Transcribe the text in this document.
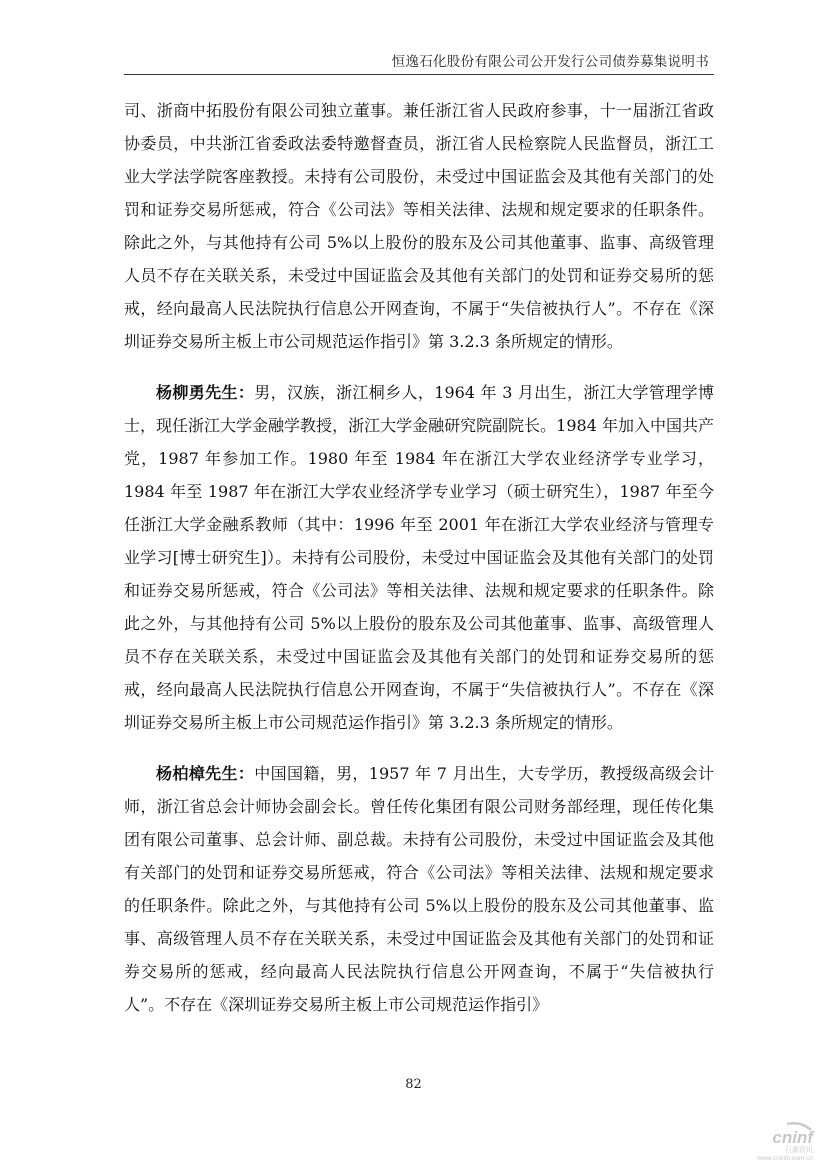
恒逸石化股份有限公司公开发行公司债券募集说明书

司、浙商中拓股份有限公司独立董事。兼任浙江省人民政府参事，十一届浙江省政协委员，中共浙江省委政法委特邀督查员，浙江省人民检察院人民监督员，浙江工业大学法学院客座教授。未持有公司股份，未受过中国证监会及其他有关部门的处罚和证券交易所惩戒，符合《公司法》等相关法律、法规和规定要求的任职条件。除此之外，与其他持有公司 5%以上股份的股东及公司其他董事、监事、高级管理人员不存在关联关系，未受过中国证监会及其他有关部门的处罚和证券交易所的惩戒，经向最高人民法院执行信息公开网查询，不属于“失信被执行人”。不存在《深圳证券交易所主板上市公司规范运作指引》第 3.2.3 条所规定的情形。

杨柳勇先生：男，汉族，浙江桐乡人，1964 年 3 月出生，浙江大学管理学博士，现任浙江大学金融学教授，浙江大学金融研究院副院长。1984 年加入中国共产党，1987 年参加工作。1980 年至 1984 年在浙江大学农业经济学专业学习，1984 年至 1987 年在浙江大学农业经济学专业学习（硕士研究生），1987 年至今任浙江大学金融系教师（其中：1996 年至 2001 年在浙江大学农业经济与管理专业学习[博士研究生]）。未持有公司股份，未受过中国证监会及其他有关部门的处罚和证券交易所惩戒，符合《公司法》等相关法律、法规和规定要求的任职条件。除此之外，与其他持有公司 5%以上股份的股东及公司其他董事、监事、高级管理人员不存在关联关系，未受过中国证监会及其他有关部门的处罚和证券交易所的惩戒，经向最高人民法院执行信息公开网查询，不属于“失信被执行人”。不存在《深圳证券交易所主板上市公司规范运作指引》第 3.2.3 条所规定的情形。

杨柏樟先生：中国国籍，男，1957 年 7 月出生，大专学历，教授级高级会计师，浙江省总会计师协会副会长。曾任传化集团有限公司财务部经理，现任传化集团有限公司董事、总会计师、副总裁。未持有公司股份，未受过中国证监会及其他有关部门的处罚和证券交易所惩戒，符合《公司法》等相关法律、法规和规定要求的任职条件。除此之外，与其他持有公司 5%以上股份的股东及公司其他董事、监事、高级管理人员不存在关联关系，未受过中国证监会及其他有关部门的处罚和证券交易所的惩戒，经向最高人民法院执行信息公开网查询，不属于“失信被执行人”。不存在《深圳证券交易所主板上市公司规范运作指引》

82
cninf
巨潮资讯
www.cninfo.com.cn
